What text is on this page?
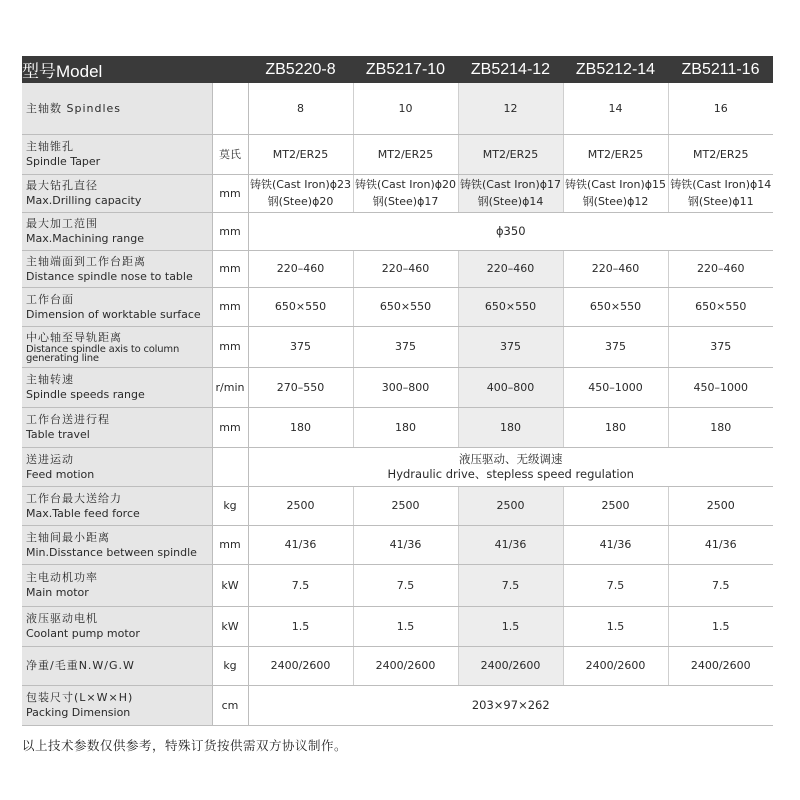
型号Model		ZB5220-8	ZB5217-10	ZB5214-12	ZB5212-14	ZB5211-16

主轴数 Spindles		8	10	12	14	16

主轴锥孔
Spindle Taper	莫氏	MT2/ER25	MT2/ER25	MT2/ER25	MT2/ER25	MT2/ER25

最大钻孔直径
Max.Drilling capacity	mm	铸铁(Cast Iron)ϕ23
钢(Stee)ϕ20	铸铁(Cast Iron)ϕ20
钢(Stee)ϕ17	铸铁(Cast Iron)ϕ17
钢(Stee)ϕ14	铸铁(Cast Iron)ϕ15
钢(Stee)ϕ12	铸铁(Cast Iron)ϕ14
钢(Stee)ϕ11

最大加工范围
Max.Machining range	mm	ϕ350				

主轴端面到工作台距离
Distance spindle nose to table	mm	220–460	220–460	220–460	220–460	220–460

工作台面
Dimension of worktable surface	mm	650×550	650×550	650×550	650×550	650×550

中心轴至导轨距离
Distance spindle axis to column generating line	mm	375	375	375	375	375

主轴转速
Spindle speeds range	r/min	270–550	300–800	400–800	450–1000	450–1000

工作台送进行程
Table travel	mm	180	180	180	180	180

送进运动
Feed motion		液压驱动、无级调速
Hydraulic drive、stepless speed regulation				

工作台最大送给力
Max.Table feed force	kg	2500	2500	2500	2500	2500

主轴间最小距离
Min.Disstance between spindle	mm	41/36	41/36	41/36	41/36	41/36

主电动机功率
Main motor	kW	7.5	7.5	7.5	7.5	7.5

液压驱动电机
Coolant pump motor	kW	1.5	1.5	1.5	1.5	1.5

净重/毛重N.W/G.W	kg	2400/2600	2400/2600	2400/2600	2400/2600	2400/2600

包装尺寸(L×W×H)
Packing Dimension	cm	203×97×262				
以上技术参数仅供参考，特殊订货按供需双方协议制作。
